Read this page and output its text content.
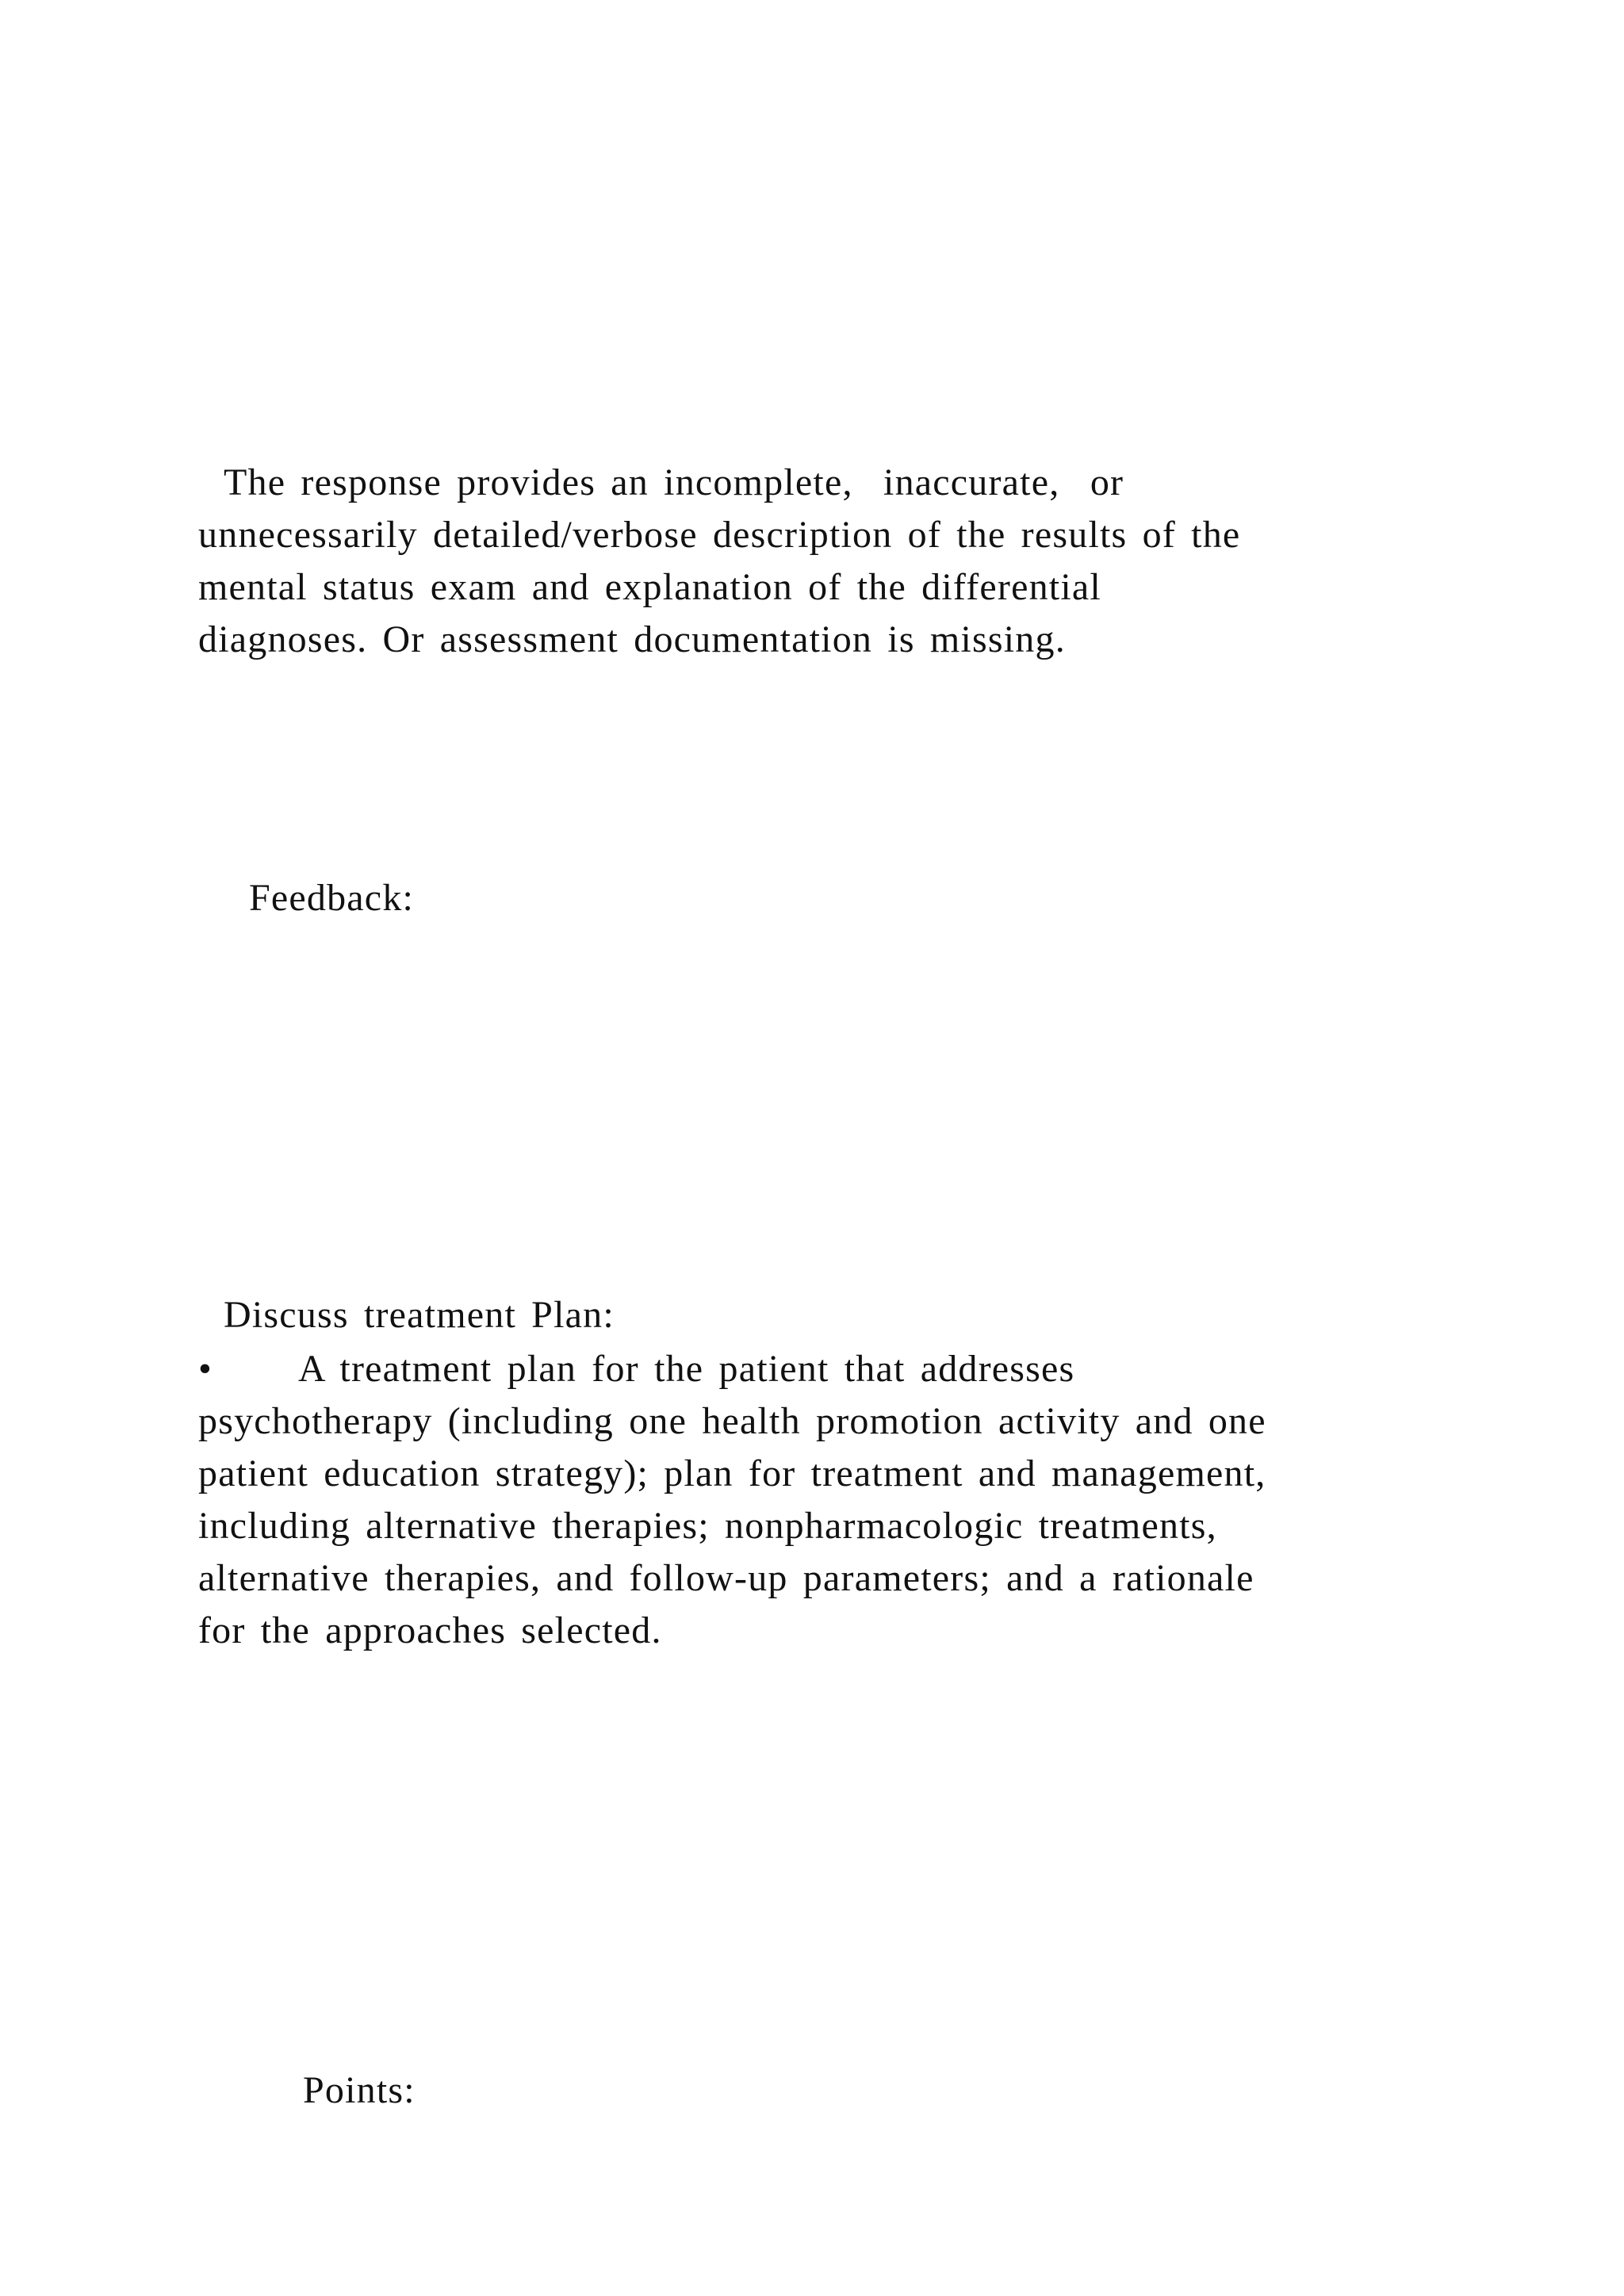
The response provides an incomplete,  inaccurate,  or
unnecessarily detailed/verbose description of the results of the
mental status exam and explanation of the differential
diagnoses. Or assessment documentation is missing.
Feedback:
Discuss treatment Plan:
• A treatment plan for the patient that addresses
psychotherapy (including one health promotion activity and one
patient education strategy); plan for treatment and management,
including alternative therapies; nonpharmacologic treatments,
alternative therapies, and follow-up parameters; and a rationale
for the approaches selected.
Points:
